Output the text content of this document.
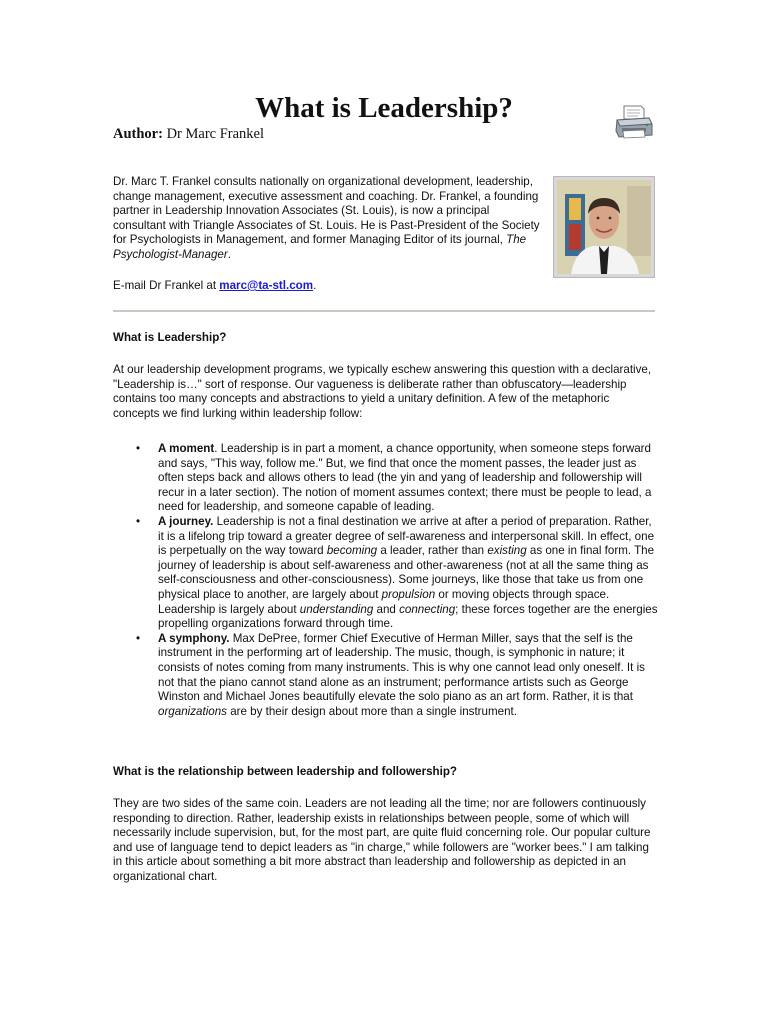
What is Leadership?
Author: Dr Marc Frankel

Dr. Marc T. Frankel consults nationally on organizational development, leadership, change management, executive assessment and coaching. Dr. Frankel, a founding partner in Leadership Innovation Associates (St. Louis), is now a principal consultant with Triangle Associates of St. Louis. He is Past-President of the Society for Psychologists in Management, and former Managing Editor of its journal, The Psychologist-Manager.

E-mail Dr Frankel at marc@ta-stl.com.

What is Leadership?

At our leadership development programs, we typically eschew answering this question with a declarative, "Leadership is…" sort of response. Our vagueness is deliberate rather than obfuscatory—leadership contains too many concepts and abstractions to yield a unitary definition. A few of the metaphoric concepts we find lurking within leadership follow:

• A moment. Leadership is in part a moment, a chance opportunity, when someone steps forward and says, "This way, follow me." But, we find that once the moment passes, the leader just as often steps back and allows others to lead (the yin and yang of leadership and followership will recur in a later section). The notion of moment assumes context; there must be people to lead, a need for leadership, and someone capable of leading.
• A journey. Leadership is not a final destination we arrive at after a period of preparation. Rather, it is a lifelong trip toward a greater degree of self-awareness and interpersonal skill. In effect, one is perpetually on the way toward becoming a leader, rather than existing as one in final form. The journey of leadership is about self-awareness and other-awareness (not at all the same thing as self-consciousness and other-consciousness). Some journeys, like those that take us from one physical place to another, are largely about propulsion or moving objects through space. Leadership is largely about understanding and connecting; these forces together are the energies propelling organizations forward through time.
• A symphony. Max DePree, former Chief Executive of Herman Miller, says that the self is the instrument in the performing art of leadership. The music, though, is symphonic in nature; it consists of notes coming from many instruments. This is why one cannot lead only oneself. It is not that the piano cannot stand alone as an instrument; performance artists such as George Winston and Michael Jones beautifully elevate the solo piano as an art form. Rather, it is that organizations are by their design about more than a single instrument.

What is the relationship between leadership and followership?

They are two sides of the same coin. Leaders are not leading all the time; nor are followers continuously responding to direction. Rather, leadership exists in relationships between people, some of which will necessarily include supervision, but, for the most part, are quite fluid concerning role. Our popular culture and use of language tend to depict leaders as "in charge," while followers are "worker bees." I am talking in this article about something a bit more abstract than leadership and followership as depicted in an organizational chart.
